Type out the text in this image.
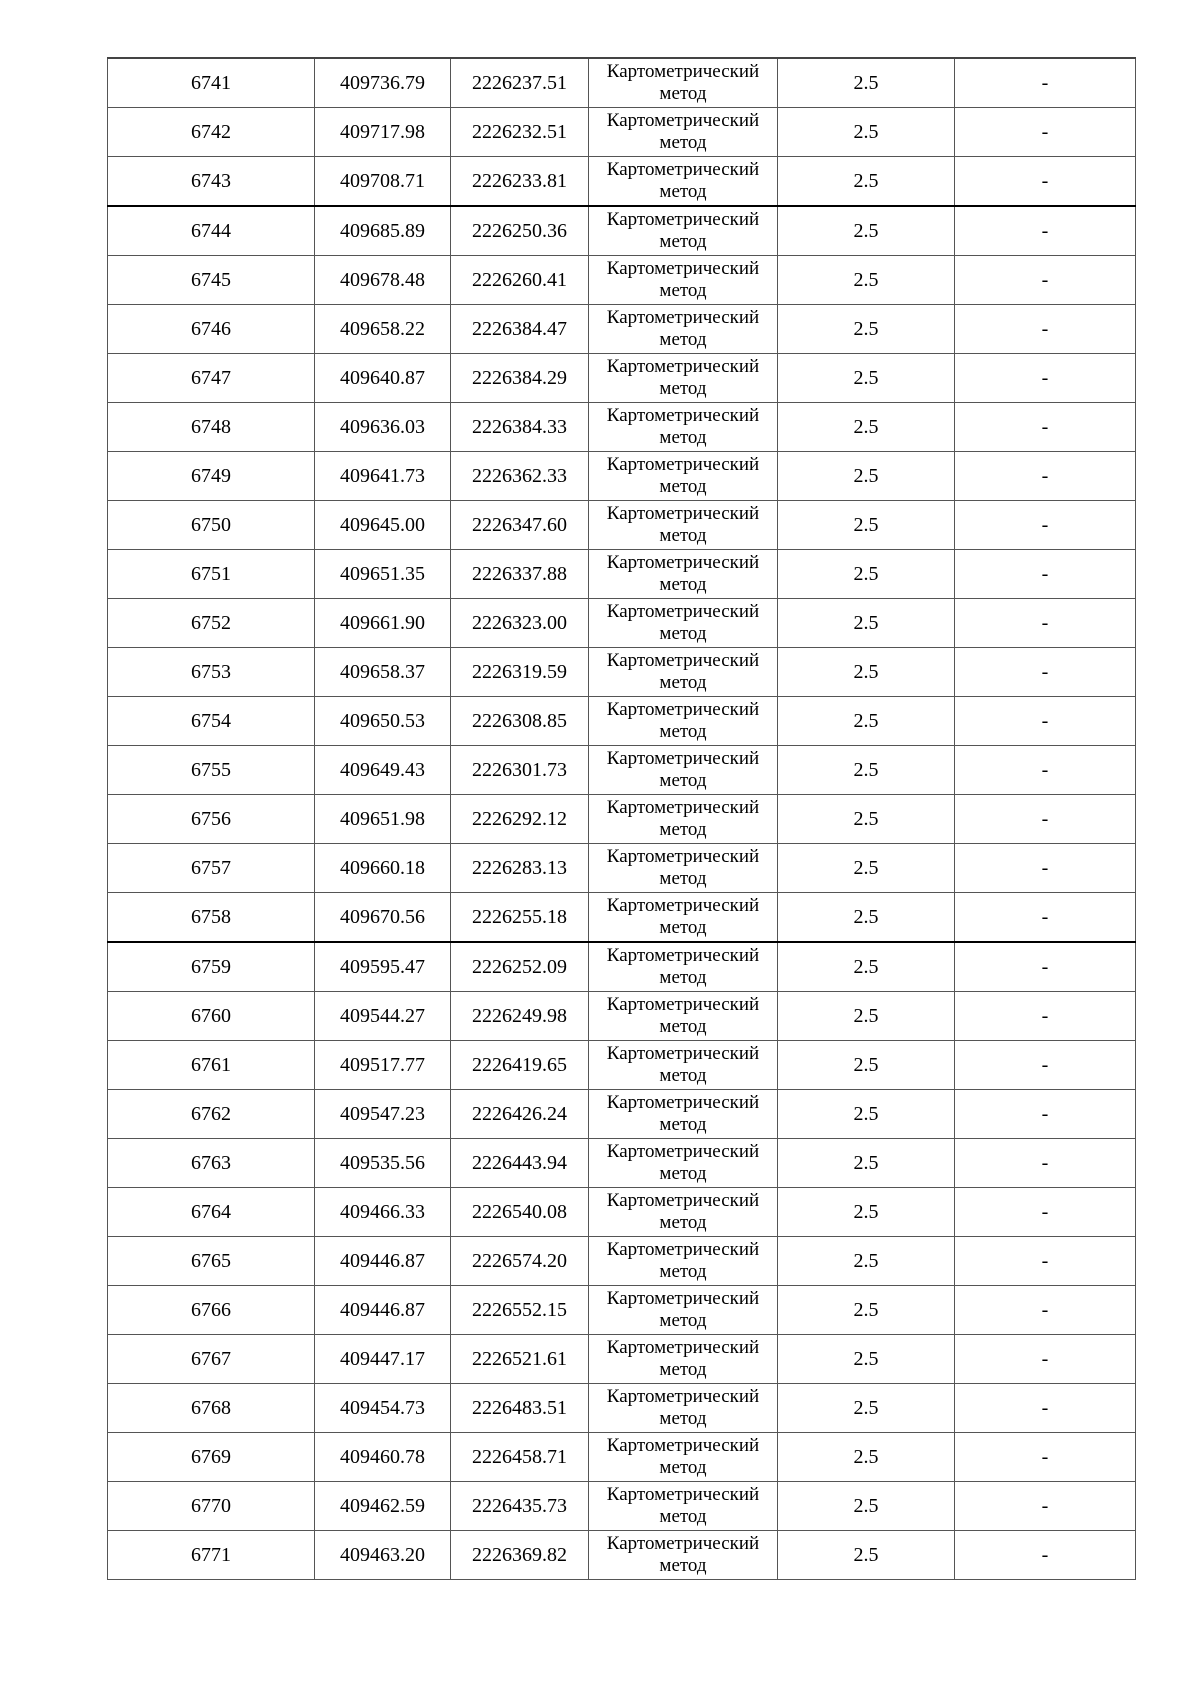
6741	409736.79	2226237.51	Картометрический метод	2.5	-
6742	409717.98	2226232.51	Картометрический метод	2.5	-
6743	409708.71	2226233.81	Картометрический метод	2.5	-
6744	409685.89	2226250.36	Картометрический метод	2.5	-
6745	409678.48	2226260.41	Картометрический метод	2.5	-
6746	409658.22	2226384.47	Картометрический метод	2.5	-
6747	409640.87	2226384.29	Картометрический метод	2.5	-
6748	409636.03	2226384.33	Картометрический метод	2.5	-
6749	409641.73	2226362.33	Картометрический метод	2.5	-
6750	409645.00	2226347.60	Картометрический метод	2.5	-
6751	409651.35	2226337.88	Картометрический метод	2.5	-
6752	409661.90	2226323.00	Картометрический метод	2.5	-
6753	409658.37	2226319.59	Картометрический метод	2.5	-
6754	409650.53	2226308.85	Картометрический метод	2.5	-
6755	409649.43	2226301.73	Картометрический метод	2.5	-
6756	409651.98	2226292.12	Картометрический метод	2.5	-
6757	409660.18	2226283.13	Картометрический метод	2.5	-
6758	409670.56	2226255.18	Картометрический метод	2.5	-
6759	409595.47	2226252.09	Картометрический метод	2.5	-
6760	409544.27	2226249.98	Картометрический метод	2.5	-
6761	409517.77	2226419.65	Картометрический метод	2.5	-
6762	409547.23	2226426.24	Картометрический метод	2.5	-
6763	409535.56	2226443.94	Картометрический метод	2.5	-
6764	409466.33	2226540.08	Картометрический метод	2.5	-
6765	409446.87	2226574.20	Картометрический метод	2.5	-
6766	409446.87	2226552.15	Картометрический метод	2.5	-
6767	409447.17	2226521.61	Картометрический метод	2.5	-
6768	409454.73	2226483.51	Картометрический метод	2.5	-
6769	409460.78	2226458.71	Картометрический метод	2.5	-
6770	409462.59	2226435.73	Картометрический метод	2.5	-
6771	409463.20	2226369.82	Картометрический метод	2.5	-
